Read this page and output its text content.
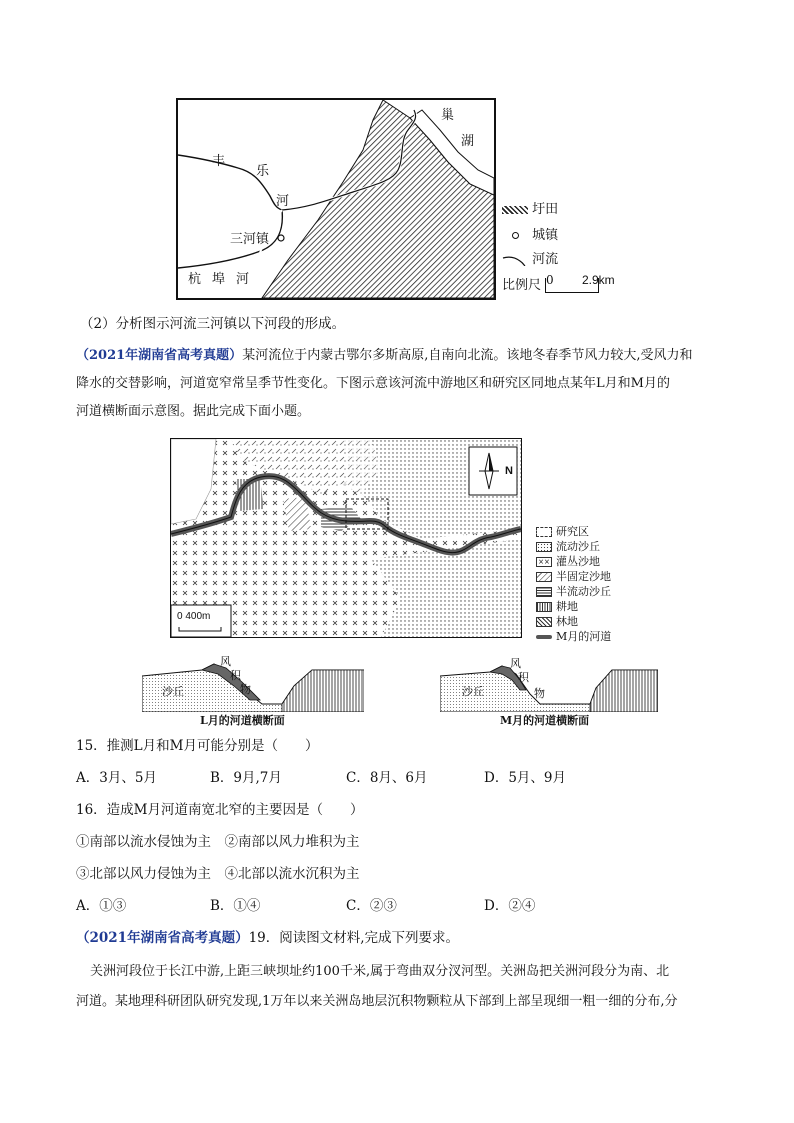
巢
湖
丰
乐
河
三河镇
杭 埠 河
圩田
城镇
河流
比例尺 0 2.9km
（2）分析图示河流三河镇以下河段的形成。
（2021年湖南省高考真题）某河流位于内蒙古鄂尔多斯高原,自南向北流。该地冬春季节风力较大,受风力和
降水的交替影响，河道宽窄常呈季节性变化。下图示意该河流中游地区和研究区同地点某年L月和M月的
河道横断面示意图。据此完成下面小题。
N
0 400m
研究区
流动沙丘
×× 灌丛沙地
半固定沙地
半流动沙丘
耕地
林地
M月的河道
沙丘
风
积
物
L月的河道横断面
沙丘
风
积
物
M月的河道横断面
15．推测L月和M月可能分别是（　　）
A．3月、5月	B．9月,7月	C．8月、6月	D．5月、9月
16．造成M月河道南宽北窄的主要因是（　　）
①南部以流水侵蚀为主　②南部以风力堆积为主
③北部以风力侵蚀为主　④北部以流水沉积为主
A．①③	B．①④	C．②③	D．②④
（2021年湖南省高考真题）19．阅读图文材料,完成下列要求。
关洲河段位于长江中游,上距三峡坝址约100千米,属于弯曲双分汊河型。关洲岛把关洲河段分为南、北
河道。某地理科研团队研究发现,1万年以来关洲岛地层沉积物颗粒从下部到上部呈现细一粗一细的分布,分
